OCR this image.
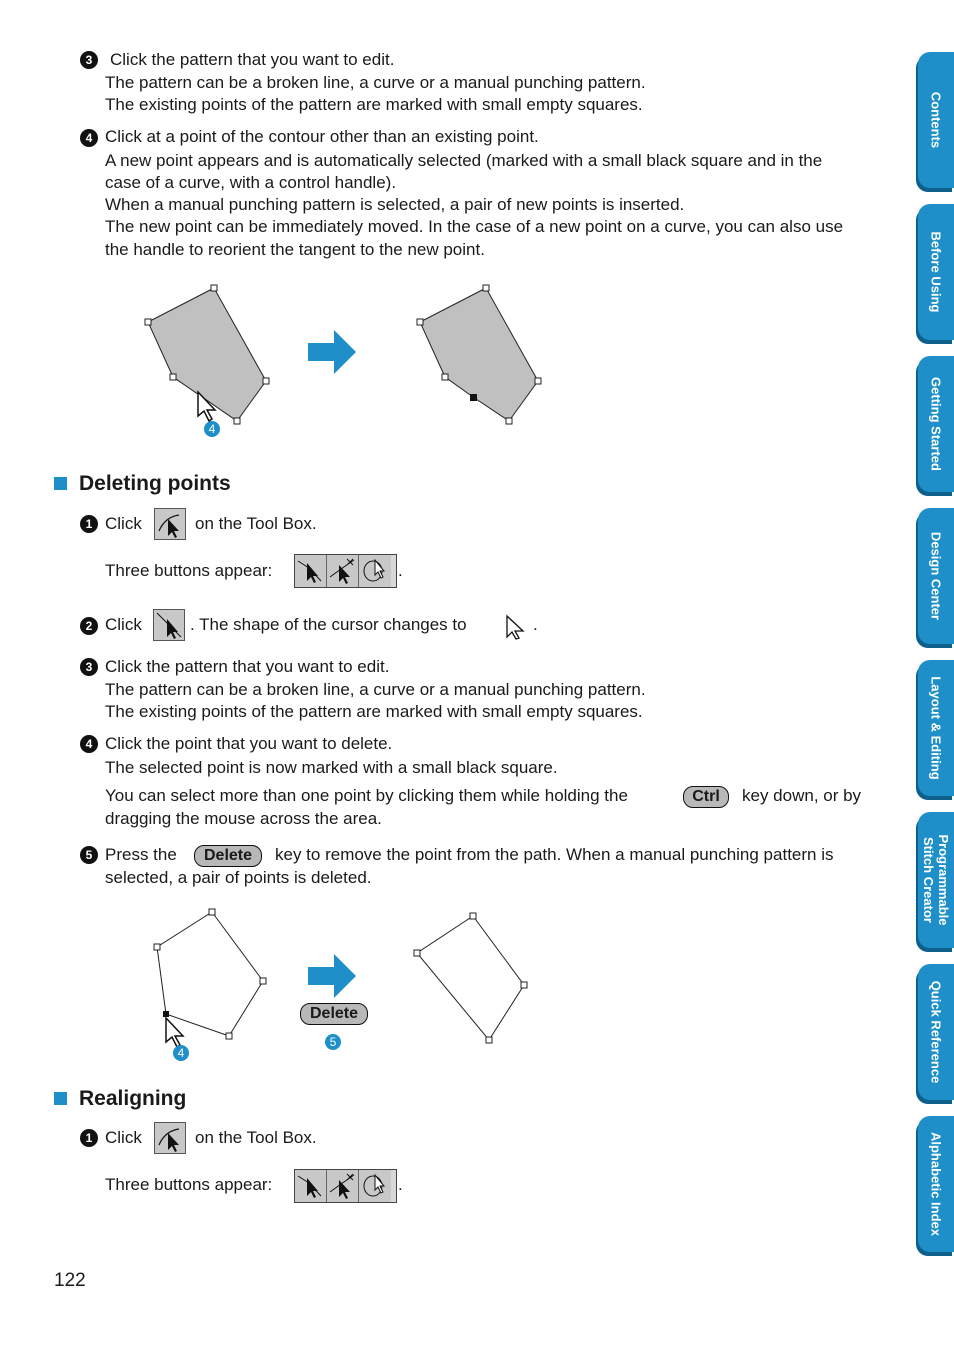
3	Click the pattern that you want to edit.
The pattern can be a broken line, a curve or a manual punching pattern.
The existing points of the pattern are marked with small empty squares.
4 Click at a point of the contour other than an existing point.
A new point appears and is automatically selected (marked with a small black square and in the
case of a curve, with a control handle).
When a manual punching pattern is selected, a pair of new points is inserted.
The new point can be immediately moved. In the case of a new point on a curve, you can also use
the handle to reorient the tangent to the new point.
4
Deleting points
1 Click	on the Tool Box.
Three buttons appear:	.
2 Click	. The shape of the cursor changes to	.
3 Click the pattern that you want to edit.
The pattern can be a broken line, a curve or a manual punching pattern.
The existing points of the pattern are marked with small empty squares.
4 Click the point that you want to delete.
The selected point is now marked with a small black square.
You can select more than one point by clicking them while holding the	Ctrl	key down, or by
dragging the mouse across the area.
5 Press the	Delete	key to remove the point from the path. When a manual punching pattern is
selected, a pair of points is deleted.
4
Delete
5
Realigning
1 Click	on the Tool Box.
Three buttons appear:	.
122
Contents
Before Using
Getting Started
Design Center
Layout & Editing
Programmable
Stitch Creator
Quick Reference
Alphabetic Index
